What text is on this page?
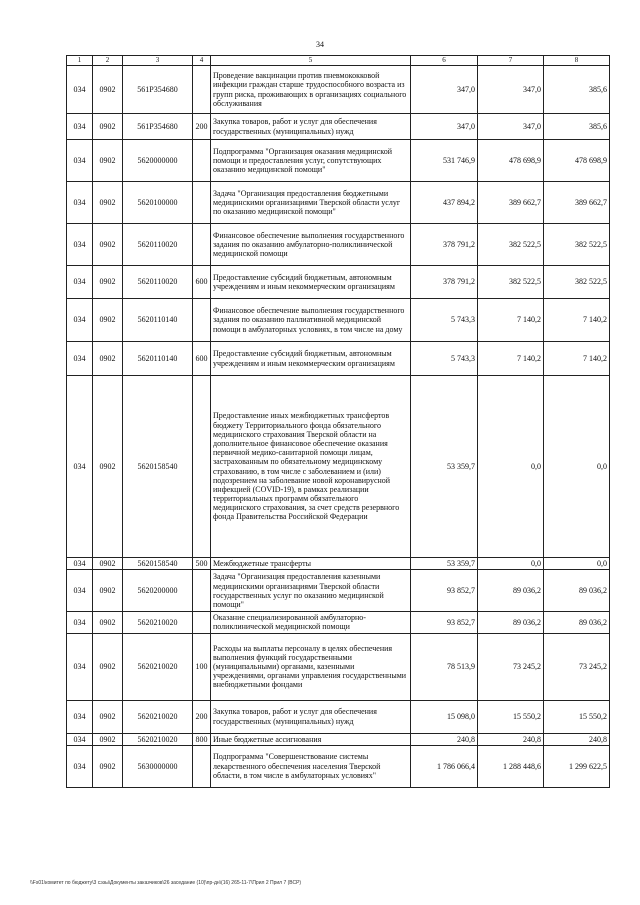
34
1	2	3	4	5	6	7	8
034	0902	561P354680		Проведение вакцинации против пневмококковой инфекции граждан старше трудоспособного возраста из групп риска, проживающих в организациях социального обслуживания	347,0	347,0	385,6
034	0902	561P354680	200	Закупка товаров, работ и услуг для обеспечения государственных (муниципальных) нужд	347,0	347,0	385,6
034	0902	5620000000		Подпрограмма "Организация оказания медицинской помощи и предоставления услуг, сопутствующих оказанию медицинской помощи"	531 746,9	478 698,9	478 698,9
034	0902	5620100000		Задача "Организация предоставления бюджетными медицинскими организациями Тверской области услуг по оказанию медицинской помощи"	437 894,2	389 662,7	389 662,7
034	0902	5620110020		Финансовое обеспечение выполнения государственного задания по оказанию амбулаторно-поликлинической медицинской помощи	378 791,2	382 522,5	382 522,5
034	0902	5620110020	600	Предоставление субсидий бюджетным, автономным учреждениям и иным некоммерческим организациям	378 791,2	382 522,5	382 522,5
034	0902	5620110140		Финансовое обеспечение выполнения государственного задания по оказанию паллиативной медицинской помощи в амбулаторных условиях, в том числе на дому	5 743,3	7 140,2	7 140,2
034	0902	5620110140	600	Предоставление субсидий бюджетным, автономным учреждениям и иным некоммерческим организациям	5 743,3	7 140,2	7 140,2
034	0902	5620158540		Предоставление иных межбюджетных трансфертов бюджету Территориального фонда обязательного медицинского страхования Тверской области на дополнительное финансовое обеспечение оказания первичной медико-санитарной помощи лицам, застрахованным по обязательному медицинскому страхованию, в том числе с заболеванием и (или) подозрением на заболевание новой коронавирусной инфекцией (COVID-19), в рамках реализации территориальных программ обязательного медицинского страхования, за счет средств резервного фонда Правительства Российской Федерации	53 359,7	0,0	0,0
034	0902	5620158540	500	Межбюджетные трансферты	53 359,7	0,0	0,0
034	0902	5620200000		Задача "Организация предоставления казенными медицинскими организациями Тверской области государственных услуг по оказанию медицинской помощи"	93 852,7	89 036,2	89 036,2
034	0902	5620210020		Оказание специализированной амбулаторно-поликлинической медицинской помощи	93 852,7	89 036,2	89 036,2
034	0902	5620210020	100	Расходы на выплаты персоналу в целях обеспечения выполнения функций государственными (муниципальными) органами, казенными учреждениями, органами управления государственными внебюджетными фондами	78 513,9	73 245,2	73 245,2
034	0902	5620210020	200	Закупка товаров, работ и услуг для обеспечения государственных (муниципальных) нужд	15 098,0	15 550,2	15 550,2
034	0902	5620210020	800	Иные бюджетные ассигнования	240,8	240,8	240,8
034	0902	5630000000		Подпрограмма "Совершенствование системы лекарственного обеспечения населения Тверской области, в том числе в амбулаторных условиях"	1 786 066,4	1 288 448,6	1 299 622,5
\\Fs01\комитет по бюджету\3 сэзы\Документы заказчиков\26 заседание (10)\пр-дн\(16) 265-11-7\Прил 2 Прил 7 (ВСР)
